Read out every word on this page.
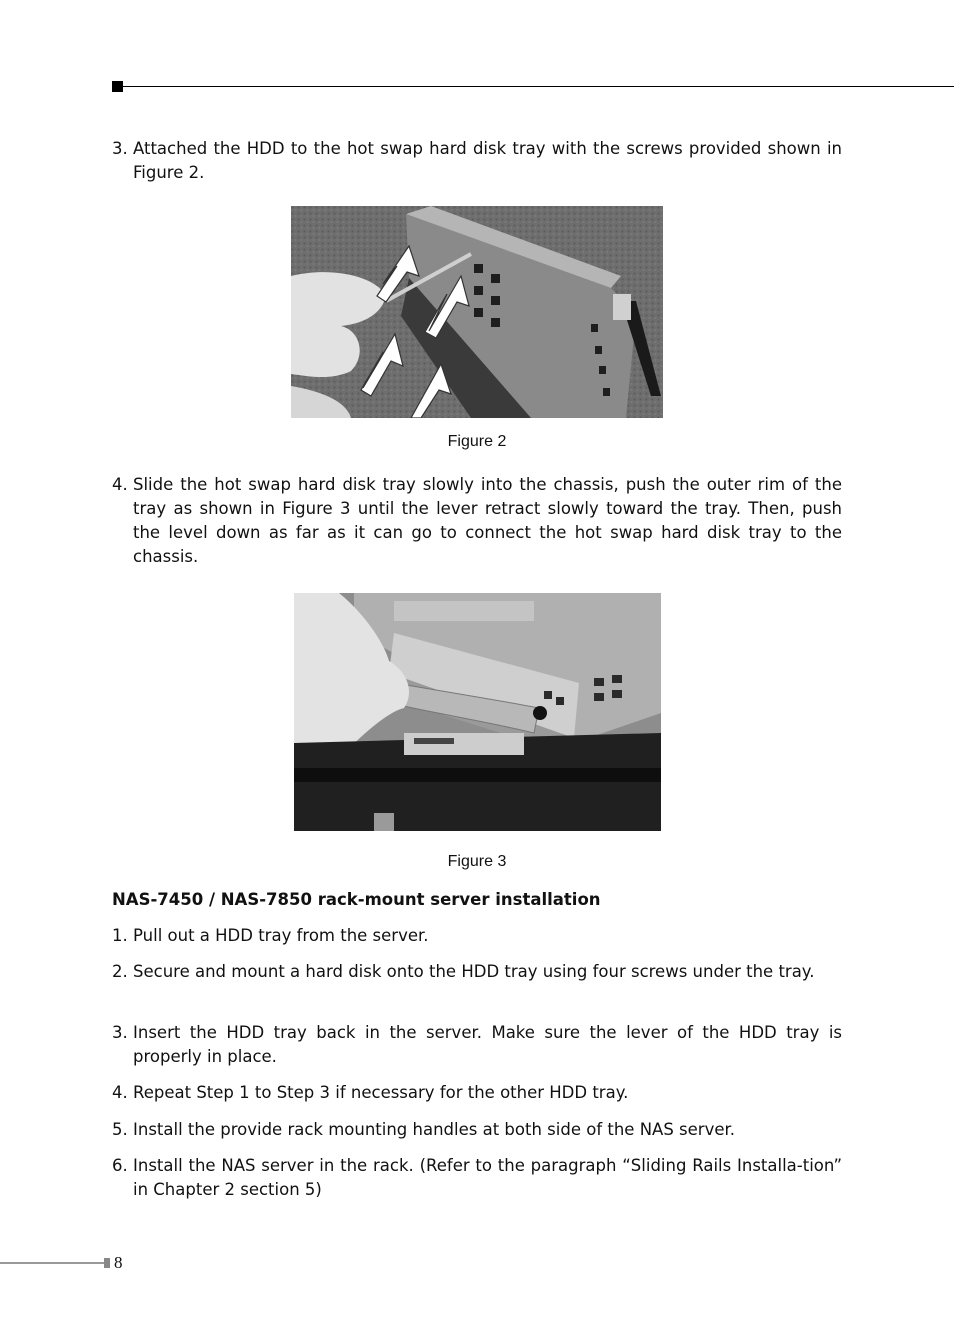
3. Attached the HDD to the hot swap hard disk tray with the screws provided shown in Figure 2.
Figure 2
4. Slide the hot swap hard disk tray slowly into the chassis, push the outer rim of the tray as shown in Figure 3 until the lever retract slowly toward the tray. Then, push the level down as far as it can go to connect the hot swap hard disk tray to the chassis.
Figure 3
NAS-7450 / NAS-7850 rack-mount server installation
1. Pull out a HDD tray from the server.
2. Secure and mount a hard disk onto the HDD tray using four screws under the tray.
3. Insert the HDD tray back in the server. Make sure the lever of the HDD tray is properly in place.
4. Repeat Step 1 to Step 3 if necessary for the other HDD tray.
5. Install the provide rack mounting handles at both side of the NAS server.
6. Install the NAS server in the rack. (Refer to the paragraph “Sliding Rails Installa-tion” in Chapter 2 section 5)
8
